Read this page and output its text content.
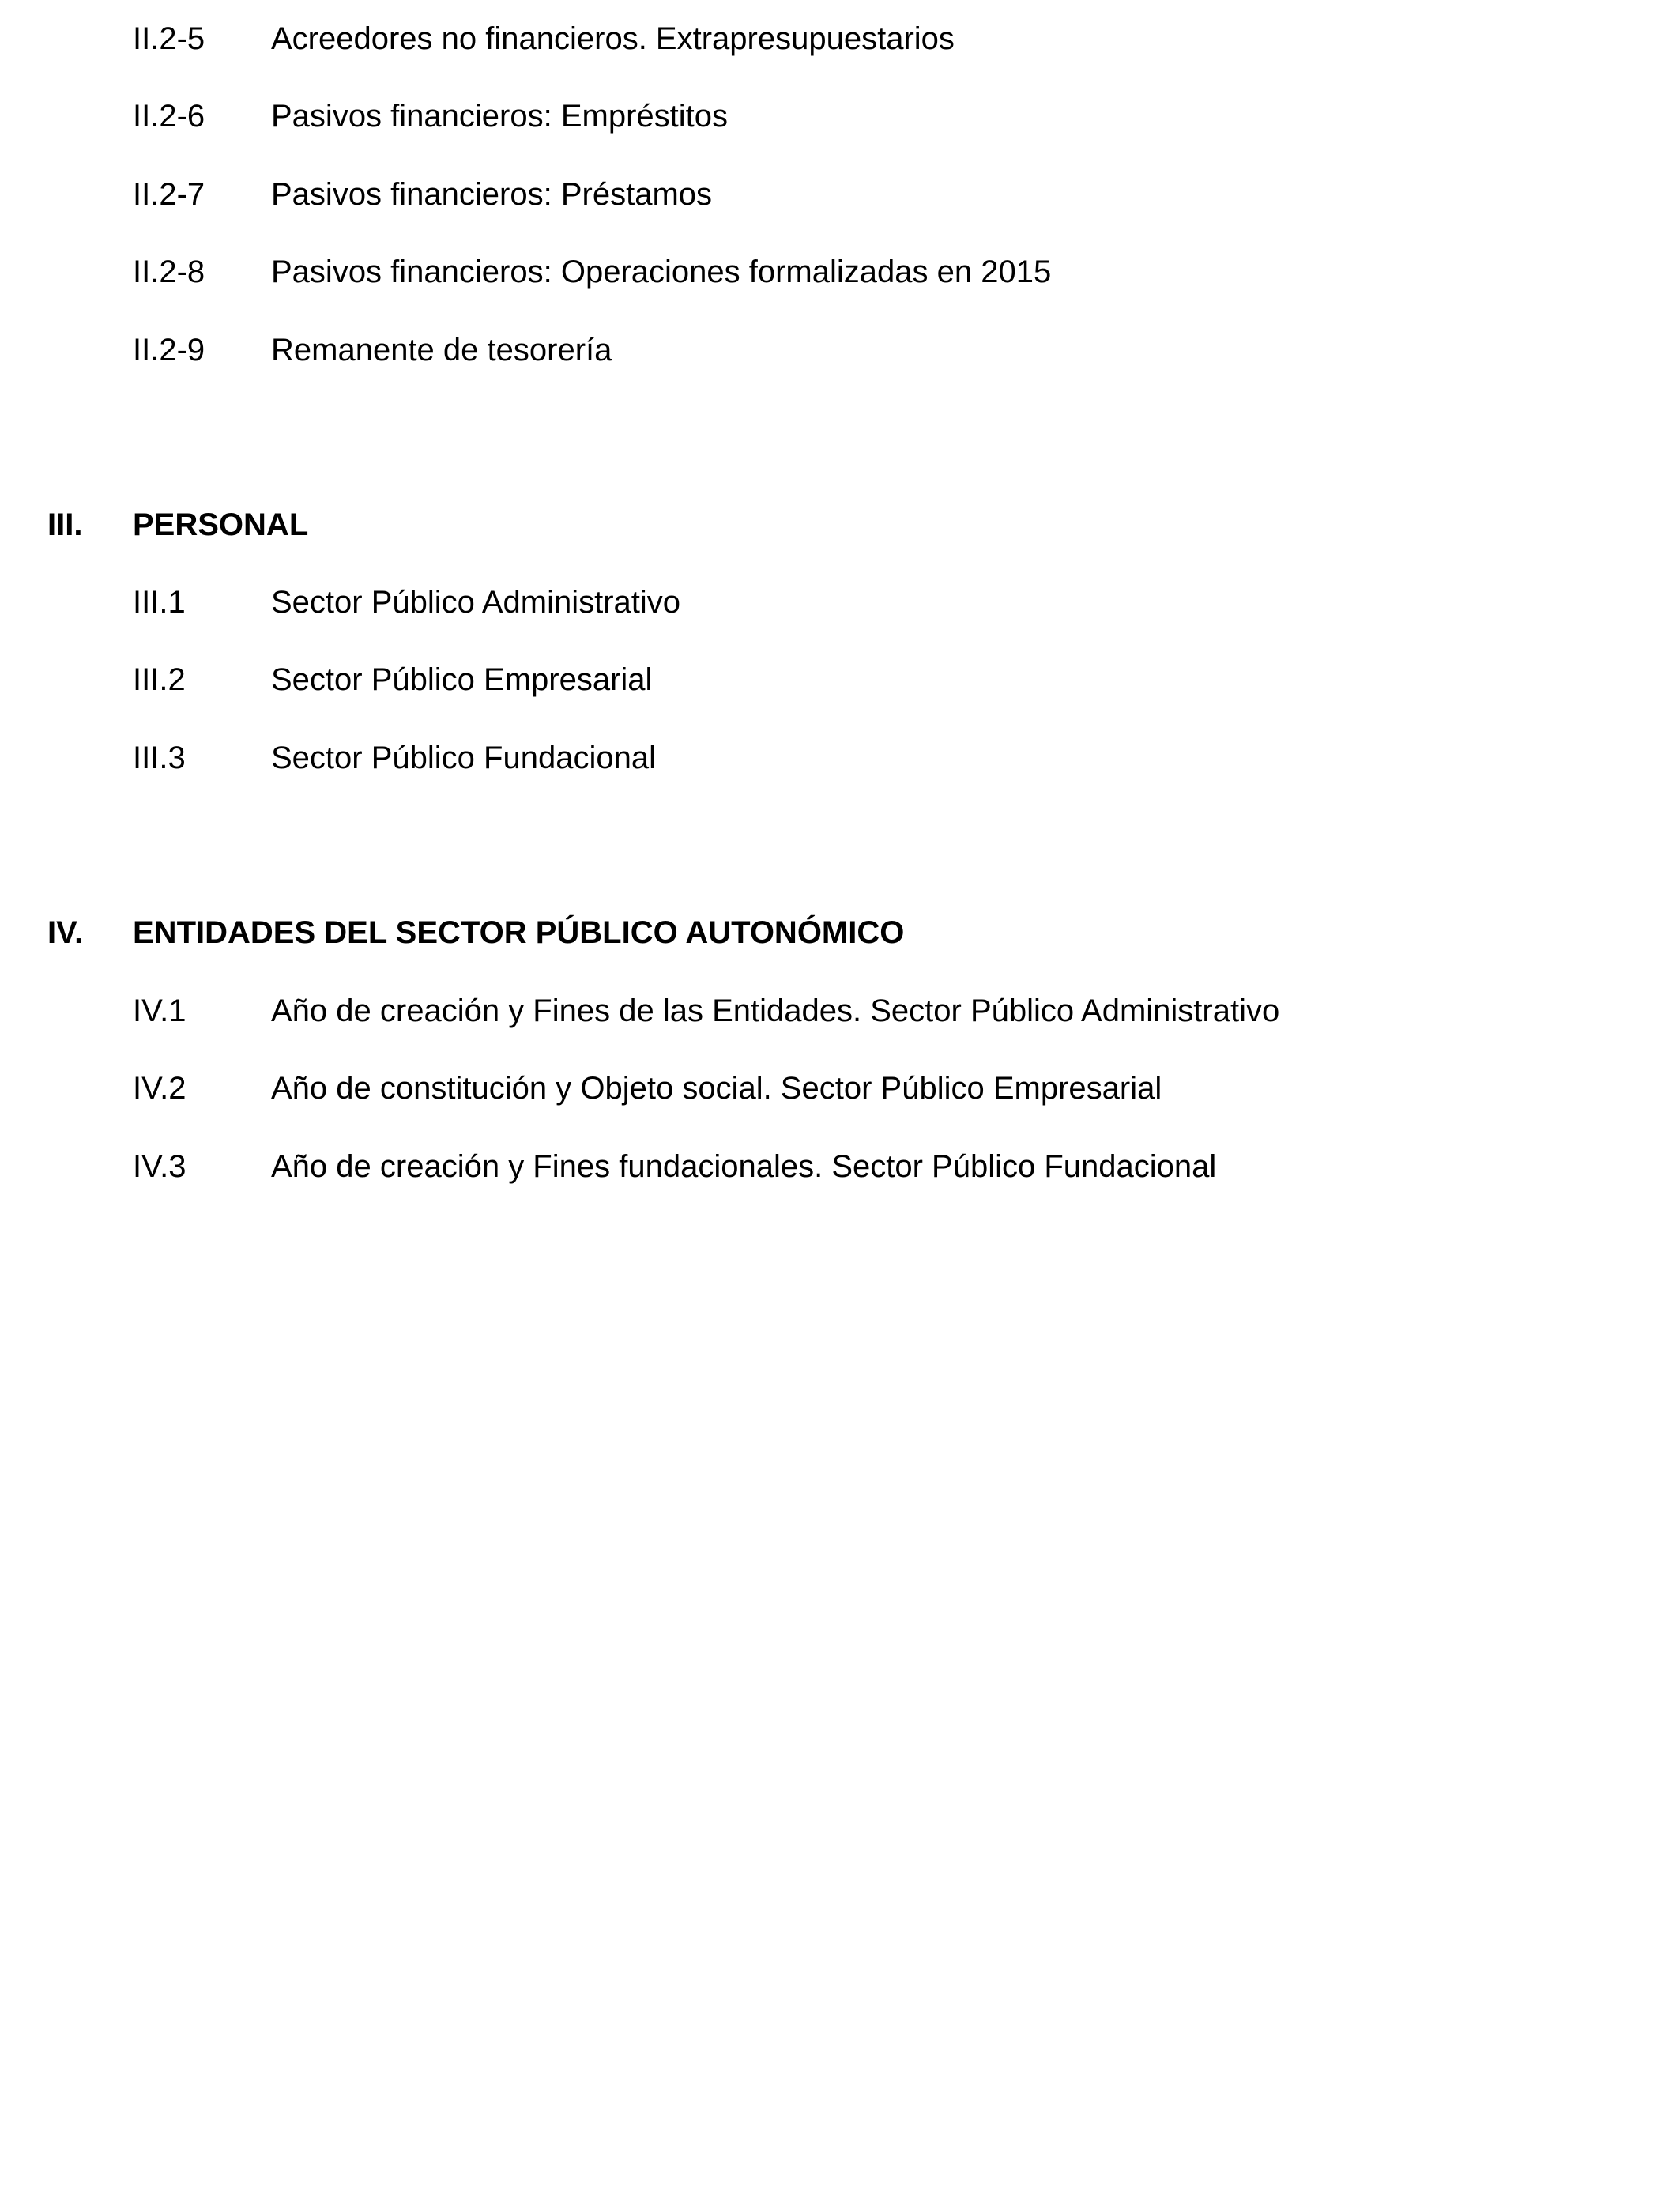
II.2-5 Acreedores no financieros. Extrapresupuestarios
II.2-6 Pasivos financieros: Empréstitos
II.2-7 Pasivos financieros: Préstamos
II.2-8 Pasivos financieros: Operaciones formalizadas en 2015
II.2-9 Remanente de tesorería
III. PERSONAL
III.1	Sector Público Administrativo
III.2	Sector Público Empresarial
III.3	Sector Público Fundacional
IV. ENTIDADES DEL SECTOR PÚBLICO AUTONÓMICO
IV.1	Año de creación y Fines de las Entidades. Sector Público Administrativo
IV.2	Año de constitución y Objeto social. Sector Público Empresarial
IV.3	Año de creación y Fines fundacionales. Sector Público Fundacional
